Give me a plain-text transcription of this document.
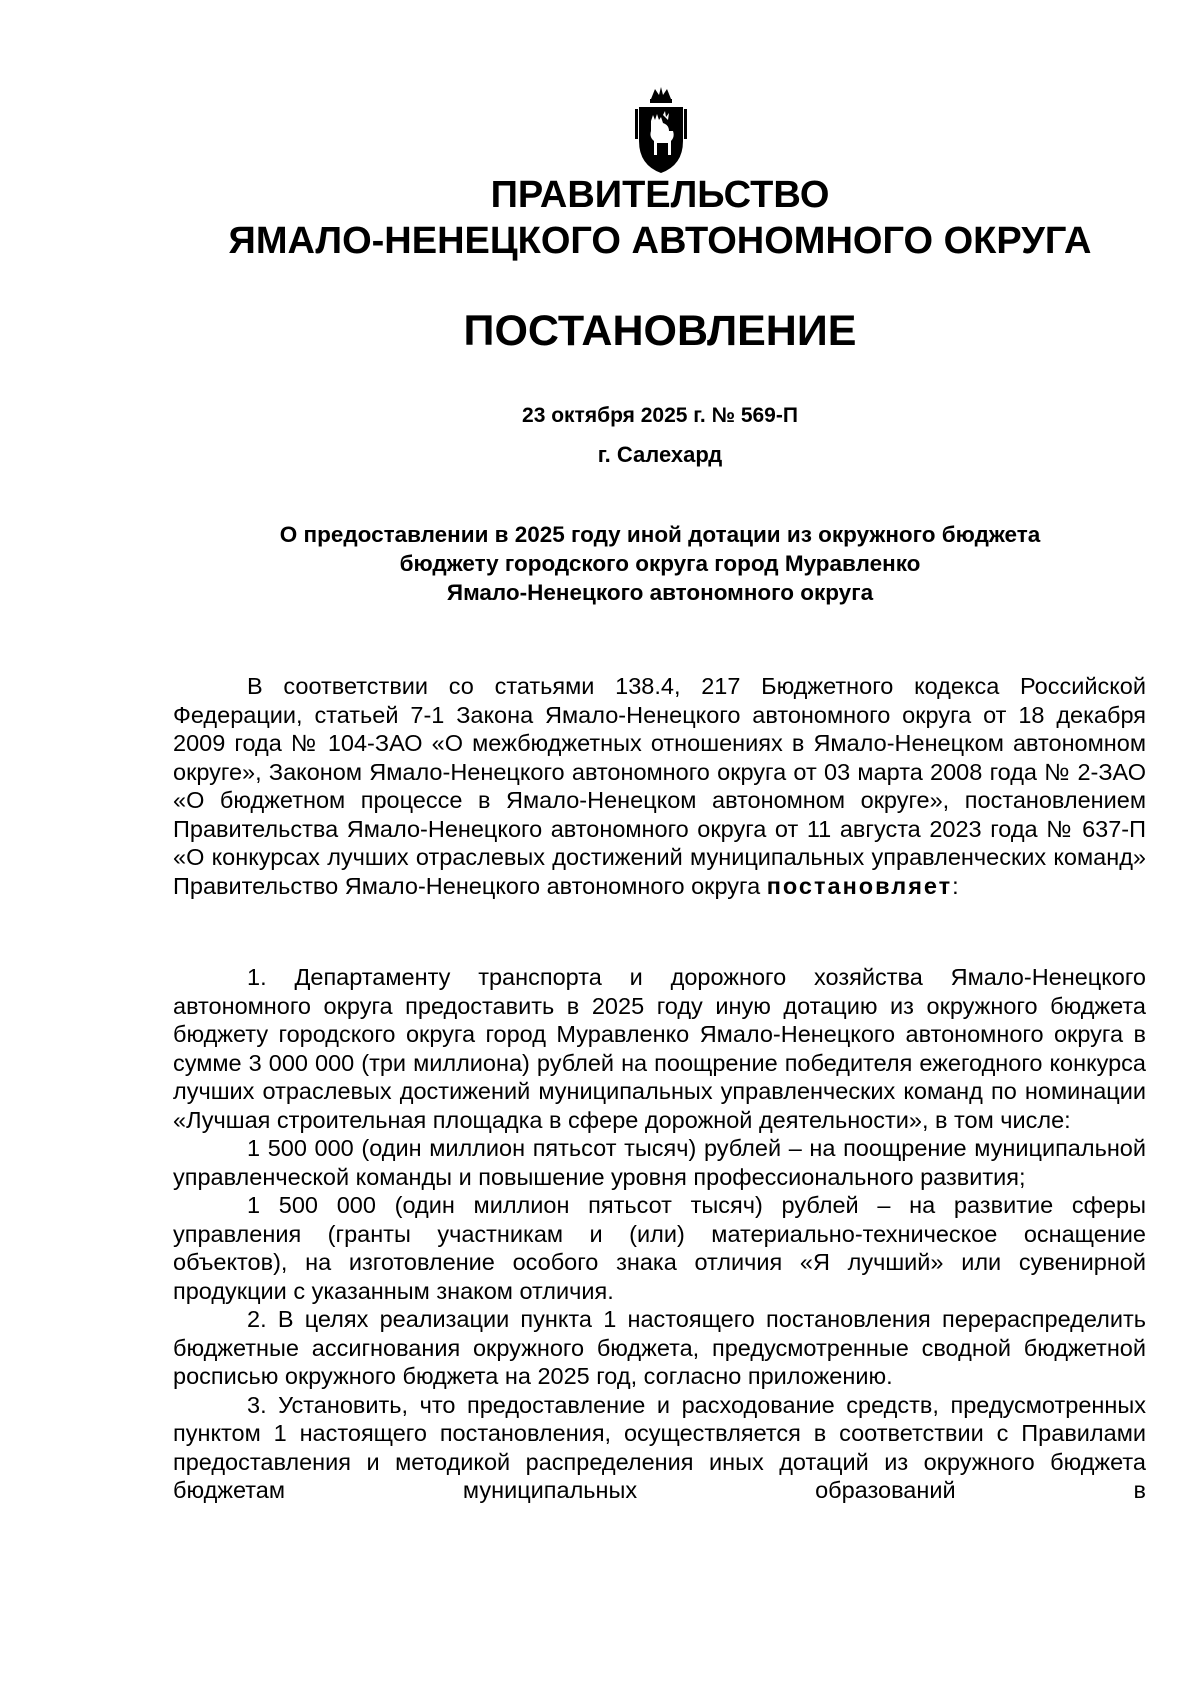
ПРАВИТЕЛЬСТВО
ЯМАЛО-НЕНЕЦКОГО АВТОНОМНОГО ОКРУГА
ПОСТАНОВЛЕНИЕ
23 октября 2025 г. № 569-П
г. Салехард
О предоставлении в 2025 году иной дотации из окружного бюджета
бюджету городского округа город Муравленко
Ямало-Ненецкого автономного округа

В соответствии со статьями 138.4, 217 Бюджетного кодекса Российской Федерации, статьей 7-1 Закона Ямало-Ненецкого автономного округа от 18 декабря 2009 года № 104-ЗАО «О межбюджетных отношениях в Ямало-Ненецком автономном округе», Законом Ямало-Ненецкого автономного округа от 03 марта 2008 года № 2-ЗАО «О бюджетном процессе в Ямало-Ненецком автономном округе», постановлением Правительства Ямало-Ненецкого автономного округа от 11 августа 2023 года № 637-П «О конкурсах лучших отраслевых достижений муниципальных управленческих команд» Правительство Ямало-Ненецкого автономного округа постановляет:

1. Департаменту транспорта и дорожного хозяйства Ямало-Ненецкого автономного округа предоставить в 2025 году иную дотацию из окружного бюджета бюджету городского округа город Муравленко Ямало-Ненецкого автономного округа в сумме 3 000 000 (три миллиона) рублей на поощрение победителя ежегодного конкурса лучших отраслевых достижений муниципальных управленческих команд по номинации «Лучшая строительная площадка в сфере дорожной деятельности», в том числе:

1 500 000 (один миллион пятьсот тысяч) рублей – на поощрение муниципальной управленческой команды и повышение уровня профессионального развития;

1 500 000 (один миллион пятьсот тысяч) рублей – на развитие сферы управления (гранты участникам и (или) материально-техническое оснащение объектов), на изготовление особого знака отличия «Я лучший» или сувенирной продукции с указанным знаком отличия.

2. В целях реализации пункта 1 настоящего постановления перераспределить бюджетные ассигнования окружного бюджета, предусмотренные сводной бюджетной росписью окружного бюджета на 2025 год, согласно приложению.

3. Установить, что предоставление и расходование средств, предусмотренных пунктом 1 настоящего постановления, осуществляется в соответствии с Правилами предоставления и методикой распределения иных дотаций из окружного бюджета бюджетам муниципальных образований в
